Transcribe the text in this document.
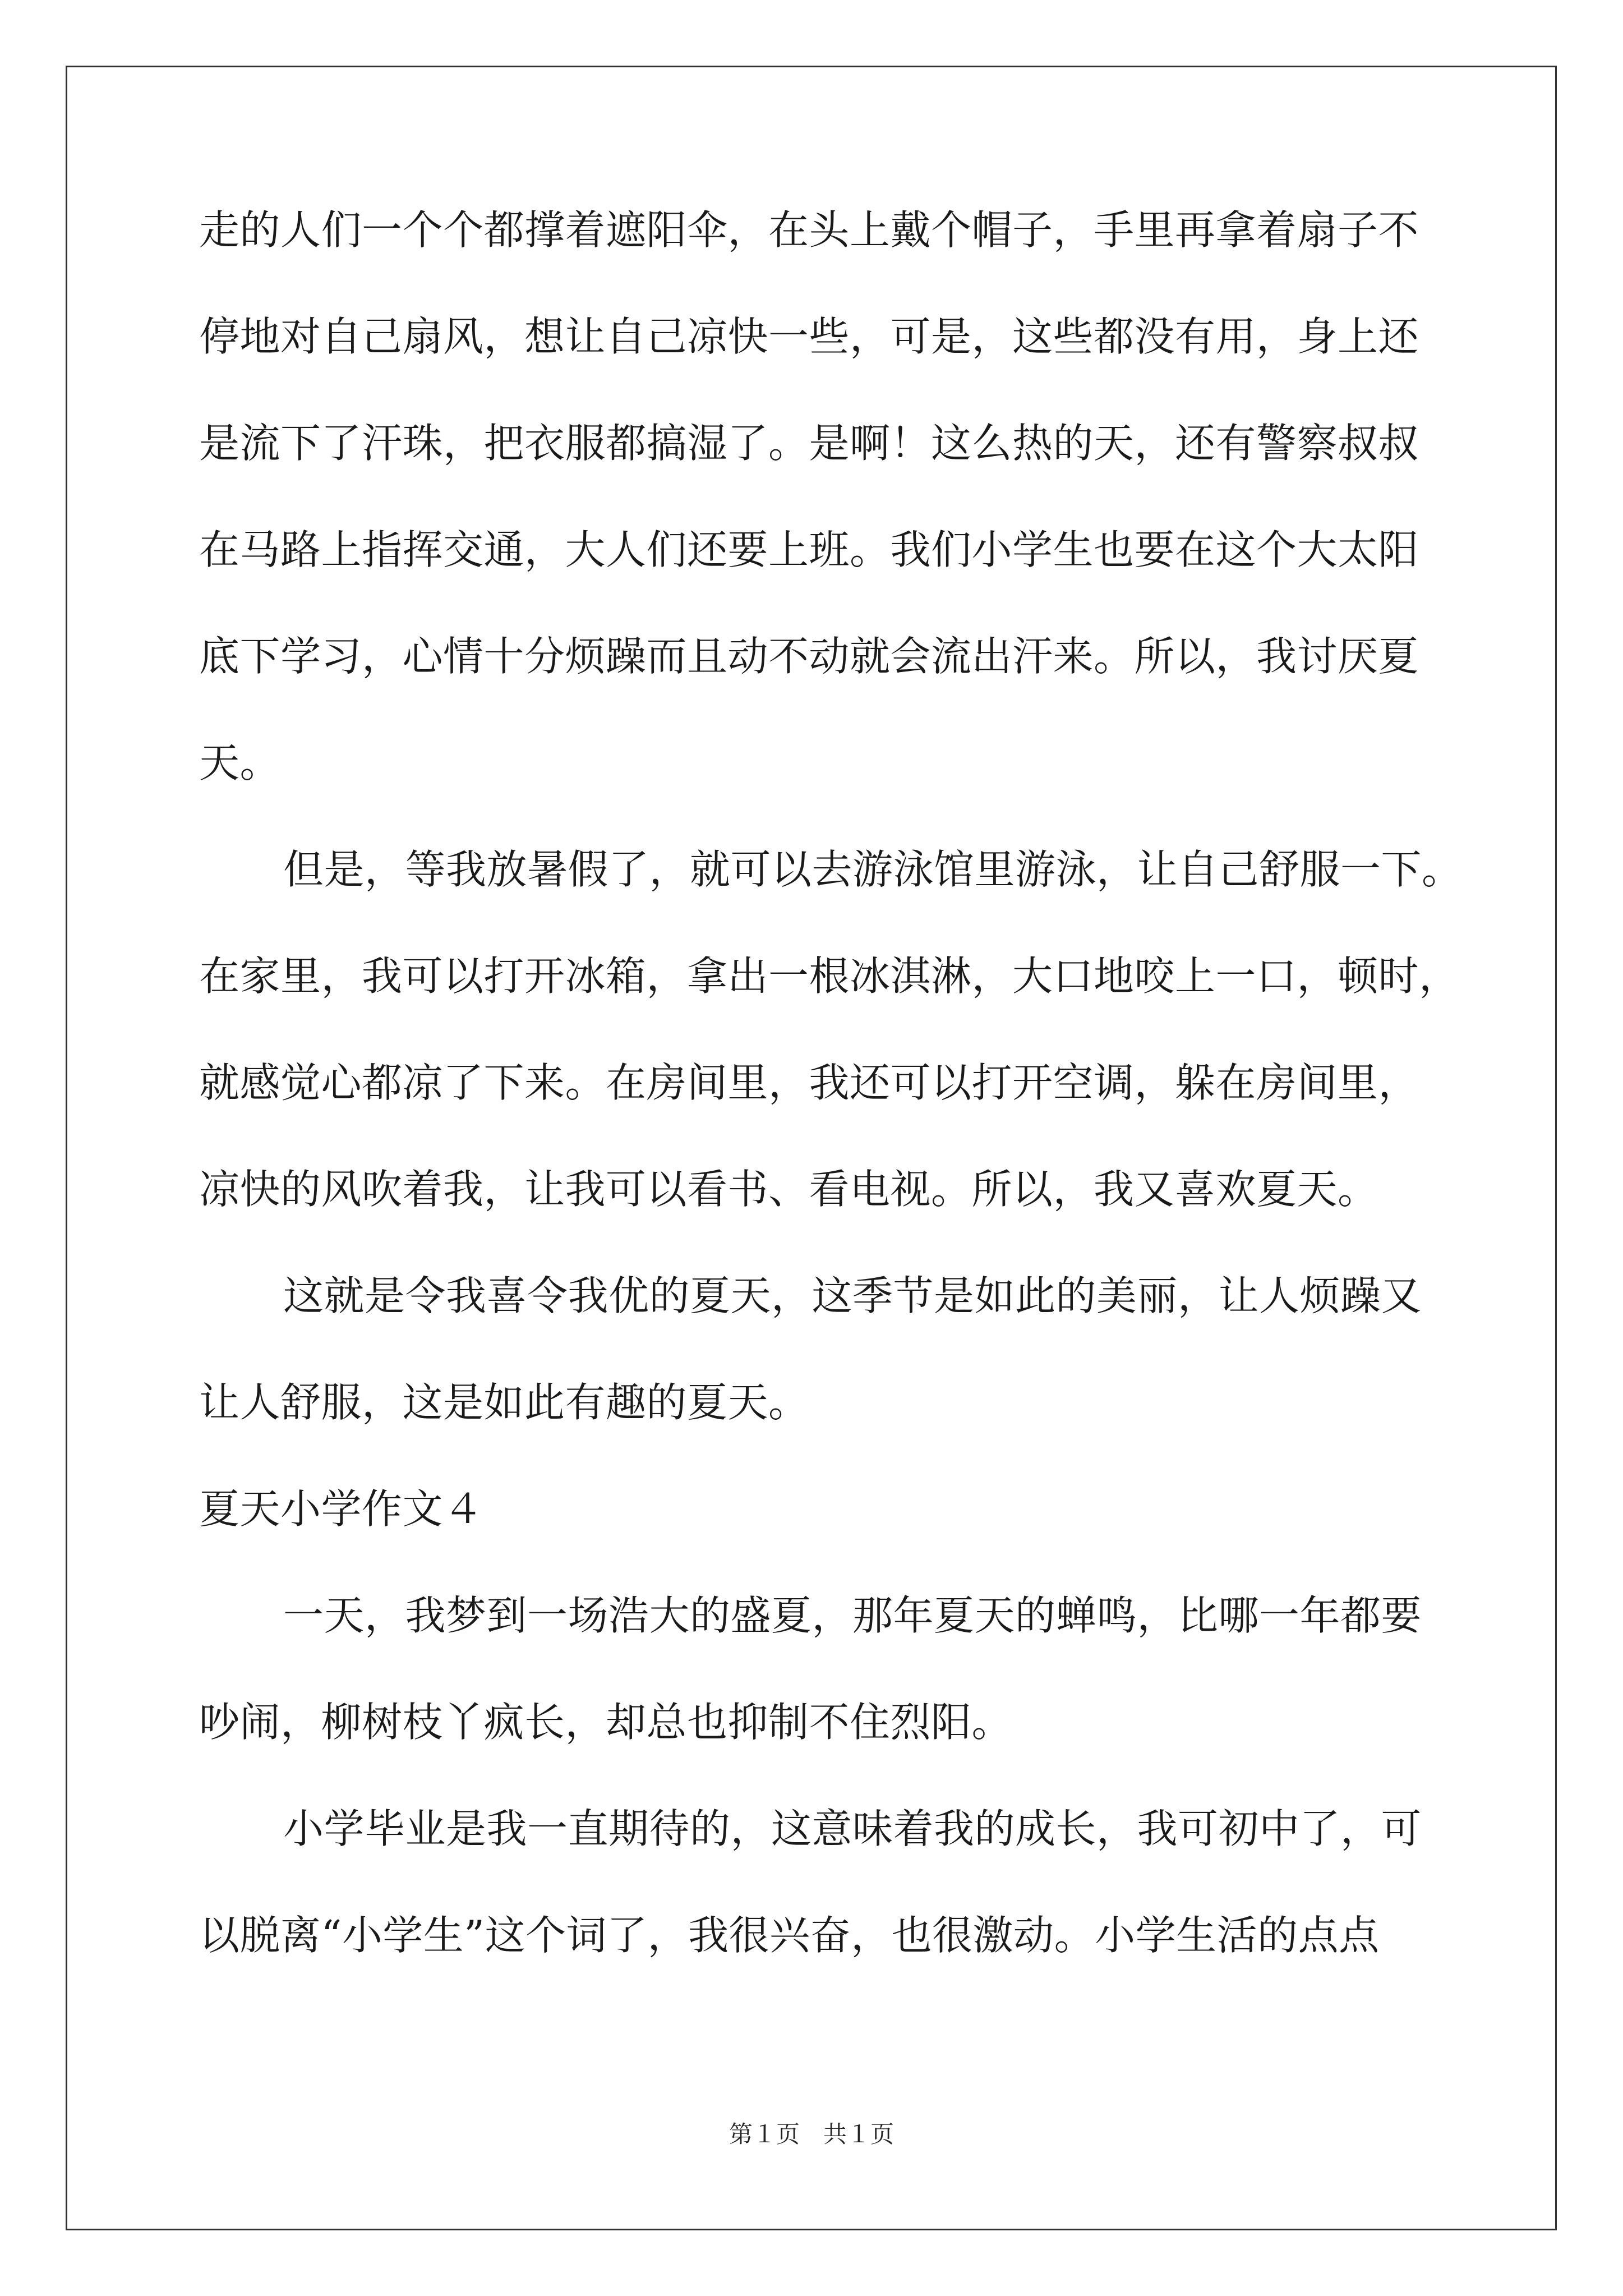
走的人们一个个都撑着遮阳伞，在头上戴个帽子，手里再拿着扇子不
停地对自己扇风，想让自己凉快一些，可是，这些都没有用，身上还
是流下了汗珠，把衣服都搞湿了。是啊！这么热的天，还有警察叔叔
在马路上指挥交通，大人们还要上班。我们小学生也要在这个大太阳
底下学习，心情十分烦躁而且动不动就会流出汗来。所以，我讨厌夏
天。
但是，等我放暑假了，就可以去游泳馆里游泳，让自己舒服一下。
在家里，我可以打开冰箱，拿出一根冰淇淋，大口地咬上一口，顿时，
就感觉心都凉了下来。在房间里，我还可以打开空调，躲在房间里，
凉快的风吹着我，让我可以看书、看电视。所以，我又喜欢夏天。
这就是令我喜令我优的夏天，这季节是如此的美丽，让人烦躁又
让人舒服，这是如此有趣的夏天。
夏天小学作文４
一天，我梦到一场浩大的盛夏，那年夏天的蝉鸣，比哪一年都要
吵闹，柳树枝丫疯长，却总也抑制不住烈阳。
小学毕业是我一直期待的，这意味着我的成长，我可初中了，可
以脱离“小学生”这个词了，我很兴奋，也很激动。小学生活的点点
第１页　共１页
